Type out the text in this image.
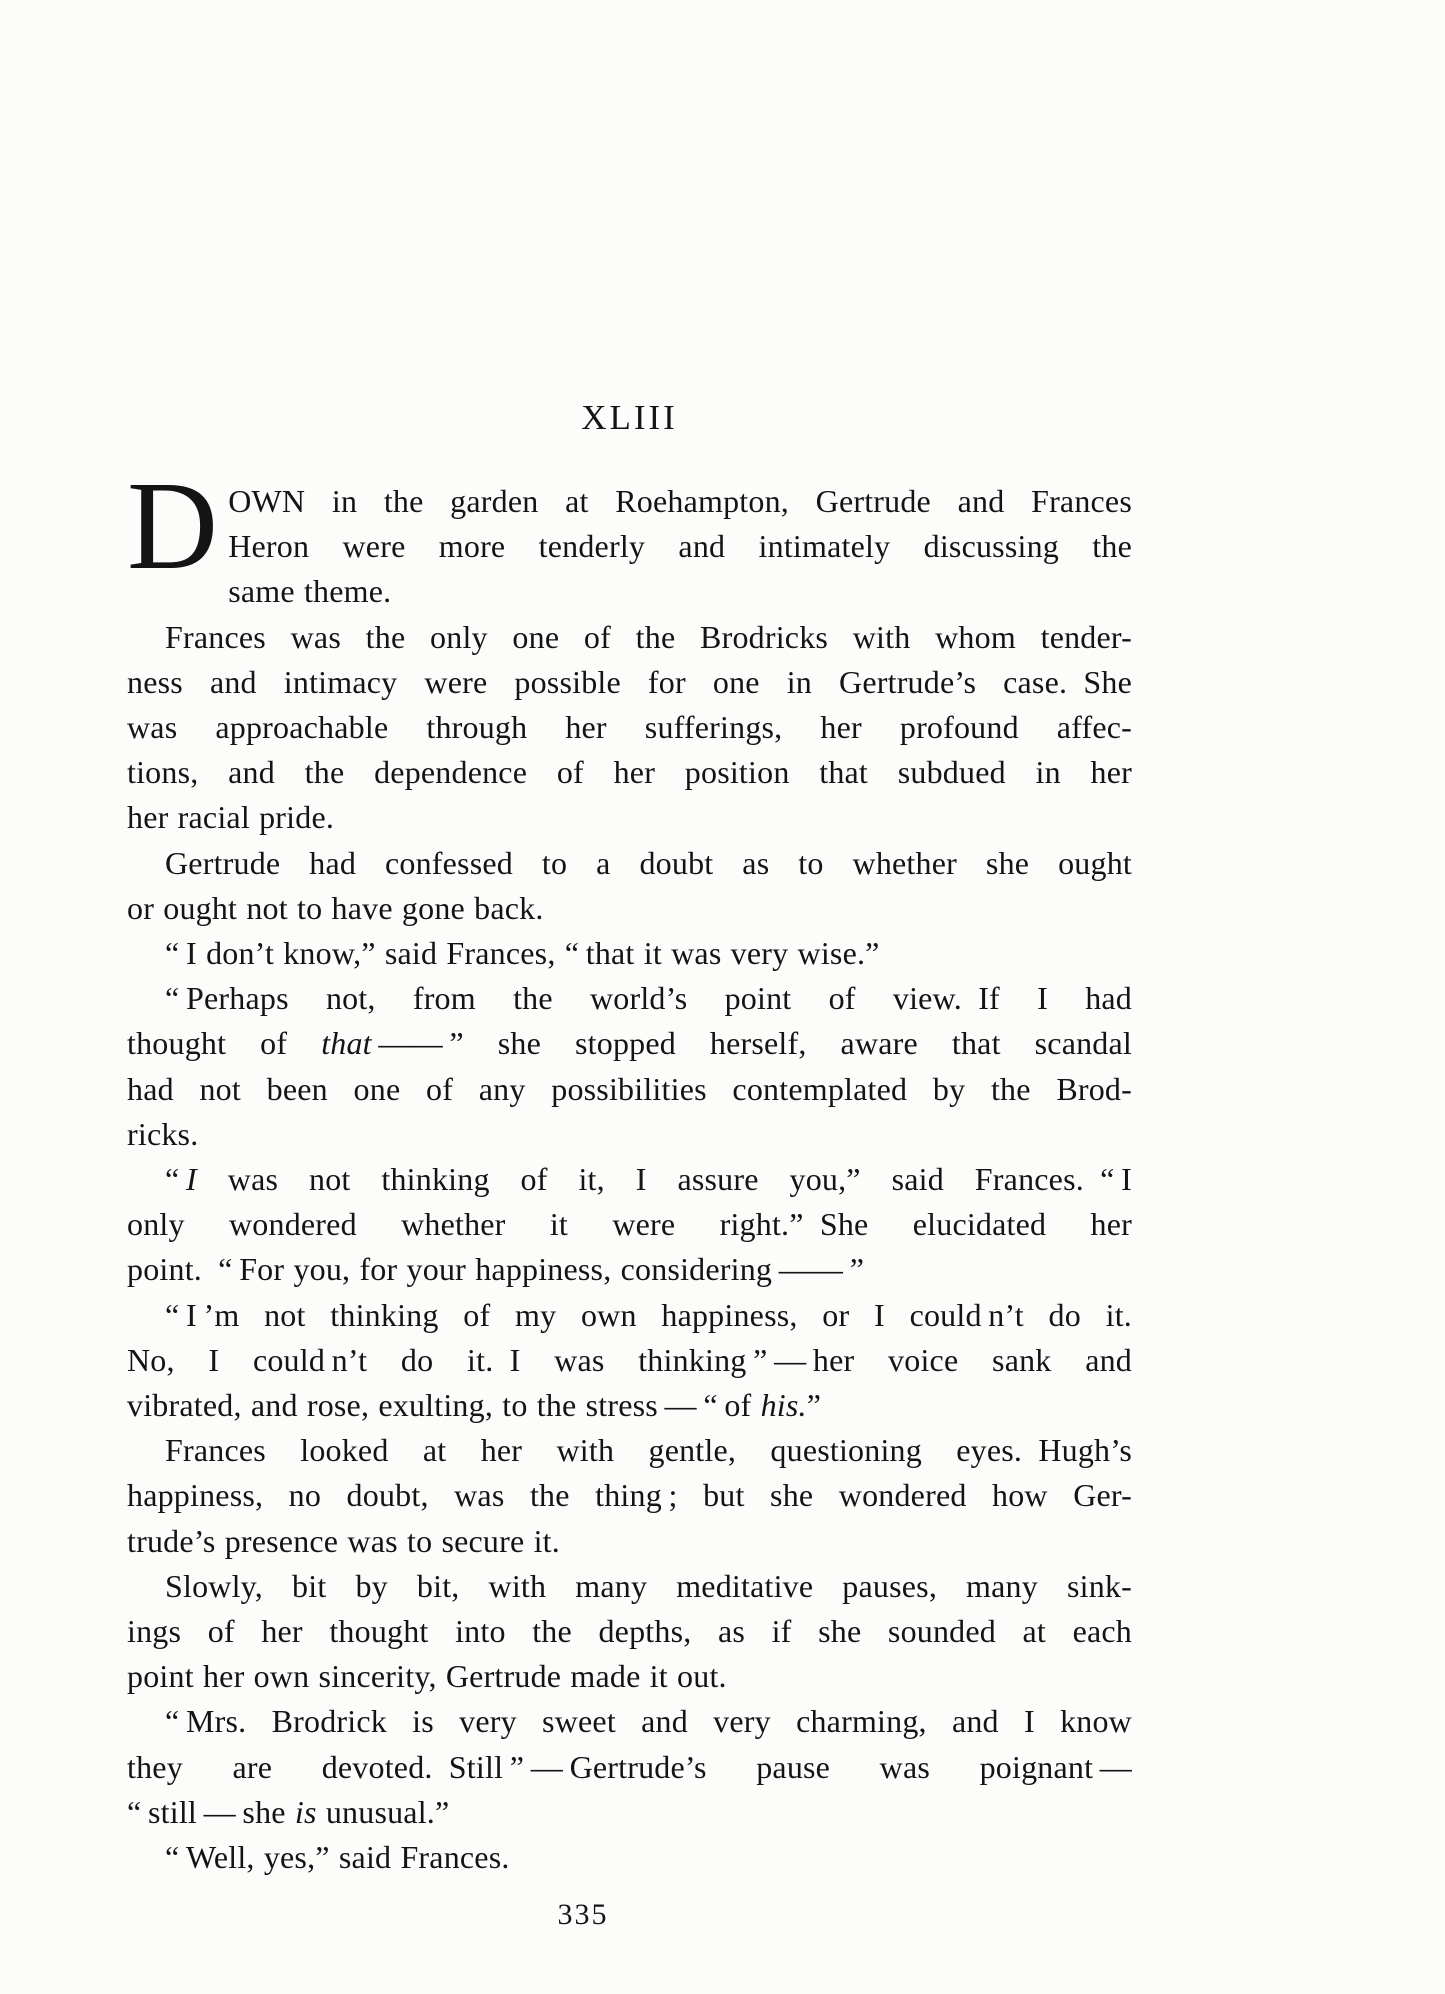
XLIII

DOWN in the garden at Roehampton, Gertrude and Frances
Heron were more tenderly and intimately discussing the
same theme.

Frances was the only one of the Brodricks with whom tender-
ness and intimacy were possible for one in Gertrude’s case. She
was approachable through her sufferings, her profound affec-
tions, and the dependence of her position that subdued in her
her racial pride.

Gertrude had confessed to a doubt as to whether she ought
or ought not to have gone back.

“ I don’t know,” said Frances, “ that it was very wise.”

“ Perhaps not, from the world’s point of view. If I had
thought of that —— ” she stopped herself, aware that scandal
had not been one of any possibilities contemplated by the Brod-
ricks.

“ I was not thinking of it, I assure you,” said Frances. “ I
only wondered whether it were right.” She elucidated her
point. “ For you, for your happiness, considering —— ”

“ I ’m not thinking of my own happiness, or I could n’t do it.
No, I could n’t do it. I was thinking ” — her voice sank and
vibrated, and rose, exulting, to the stress — “ of his.”

Frances looked at her with gentle, questioning eyes. Hugh’s
happiness, no doubt, was the thing ; but she wondered how Ger-
trude’s presence was to secure it.

Slowly, bit by bit, with many meditative pauses, many sink-
ings of her thought into the depths, as if she sounded at each
point her own sincerity, Gertrude made it out.

“ Mrs. Brodrick is very sweet and very charming, and I know
they are devoted. Still ” — Gertrude’s pause was poignant —
“ still — she is unusual.”

“ Well, yes,” said Frances.

335
